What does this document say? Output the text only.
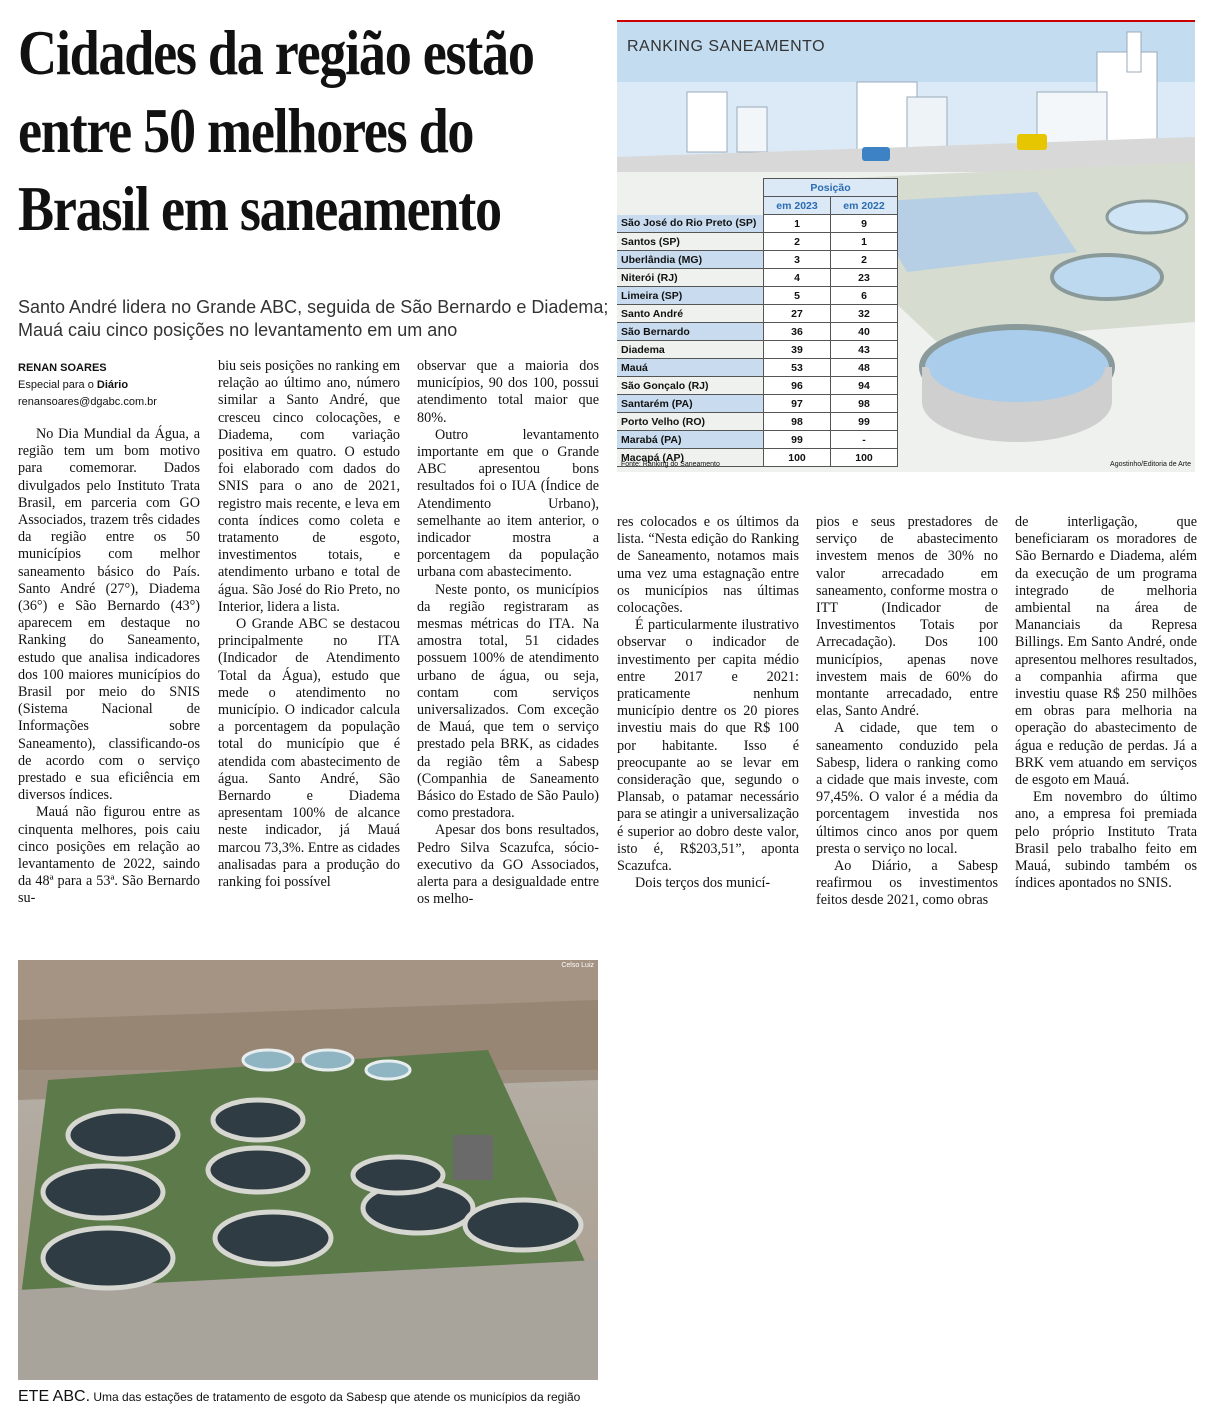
Cidades da região estão
entre 50 melhores do
Brasil em saneamento
Santo André lidera no Grande ABC, seguida de São Bernardo e Diadema; Mauá caiu cinco posições no levantamento em um ano
RENAN SOARES
Especial para o Diário
renansoares@dgabc.com.br

No Dia Mundial da Água, a região tem um bom motivo para comemorar. Dados divulgados pelo Instituto Trata Brasil, em parceria com GO Associados, trazem três cidades da região entre os 50 municípios com melhor saneamento básico do País. Santo André (27°), Diadema (36°) e São Bernardo (43°) aparecem em destaque no Ranking do Saneamento, estudo que analisa indicadores dos 100 maiores municípios do Brasil por meio do SNIS (Sistema Nacional de Informações sobre Saneamento), classificando-os de acordo com o serviço prestado e sua eficiência em diversos índices.

Mauá não figurou entre as cinquenta melhores, pois caiu cinco posições em relação ao levantamento de 2022, saindo da 48ª para a 53ª. São Bernardo su-

biu seis posições no ranking em relação ao último ano, número similar a Santo André, que cresceu cinco colocações, e Diadema, com variação positiva em quatro. O estudo foi elaborado com dados do SNIS para o ano de 2021, registro mais recente, e leva em conta índices como coleta e tratamento de esgoto, investimentos totais, e atendimento urbano e total de água. São José do Rio Preto, no Interior, lidera a lista.

O Grande ABC se destacou principalmente no ITA (Indicador de Atendimento Total da Água), estudo que mede o atendimento no município. O indicador calcula a porcentagem da população total do município que é atendida com abastecimento de água. Santo André, São Bernardo e Diadema apresentam 100% de alcance neste indicador, já Mauá marcou 73,3%. Entre as cidades analisadas para a produção do ranking foi possível

observar que a maioria dos municípios, 90 dos 100, possui atendimento total maior que 80%.

Outro levantamento importante em que o Grande ABC apresentou bons resultados foi o IUA (Índice de Atendimento Urbano), semelhante ao item anterior, o indicador mostra a porcentagem da população urbana com abastecimento.

Neste ponto, os municípios da região registraram as mesmas métricas do ITA. Na amostra total, 51 cidades possuem 100% de atendimento urbano de água, ou seja, contam com serviços universalizados. Com exceção de Mauá, que tem o serviço prestado pela BRK, as cidades da região têm a Sabesp (Companhia de Saneamento Básico do Estado de São Paulo) como prestadora.

Apesar dos bons resultados, Pedro Silva Scazufca, sócio-executivo da GO Associados, alerta para a desigualdade entre os melho-

res colocados e os últimos da lista. “Nesta edição do Ranking de Saneamento, notamos mais uma vez uma estagnação entre os municípios nas últimas colocações.

É particularmente ilustrativo observar o indicador de investimento per capita médio entre 2017 e 2021: praticamente nenhum município dentre os 20 piores investiu mais do que R$ 100 por habitante. Isso é preocupante ao se levar em consideração que, segundo o Plansab, o patamar necessário para se atingir a universalização é superior ao dobro deste valor, isto é, R$203,51”, aponta Scazufca.

Dois terços dos municí-

pios e seus prestadores de serviço de abastecimento investem menos de 30% no valor arrecadado em saneamento, conforme mostra o ITT (Indicador de Investimentos Totais por Arrecadação). Dos 100 municípios, apenas nove investem mais de 60% do montante arrecadado, entre elas, Santo André.

A cidade, que tem o saneamento conduzido pela Sabesp, lidera o ranking como a cidade que mais investe, com 97,45%. O valor é a média da porcentagem investida nos últimos cinco anos por quem presta o serviço no local.

Ao Diário, a Sabesp reafirmou os investimentos feitos desde 2021, como obras

de interligação, que beneficiaram os moradores de São Bernardo e Diadema, além da execução de um programa integrado de melhoria ambiental na área de Mananciais da Represa Billings. Em Santo André, onde apresentou melhores resultados, a companhia afirma que investiu quase R$ 250 milhões em obras para melhoria na operação do abastecimento de água e redução de perdas. Já a BRK vem atuando em serviços de esgoto em Mauá.

Em novembro do último ano, a empresa foi premiada pelo próprio Instituto Trata Brasil pelo trabalho feito em Mauá, subindo também os índices apontados no SNIS.

RANKING SANEAMENTO
	Posição	
	em 2023	em 2022
São José do Rio Preto (SP)	1	9
Santos (SP)	2	1
Uberlândia (MG)	3	2
Niterói (RJ)	4	23
Limeira (SP)	5	6
Santo André	27	32
São Bernardo	36	40
Diadema	39	43
Mauá	53	48
São Gonçalo (RJ)	96	94
Santarém (PA)	97	98
Porto Velho (RO)	98	99
Marabá (PA)	99	-
Macapá (AP)	100	100
Fonte: Ranking do Saneamento	Agostinho/Editoria de Arte
Celso Luiz
ETE ABC. Uma das estações de tratamento de esgoto da Sabesp que atende os municípios da região
